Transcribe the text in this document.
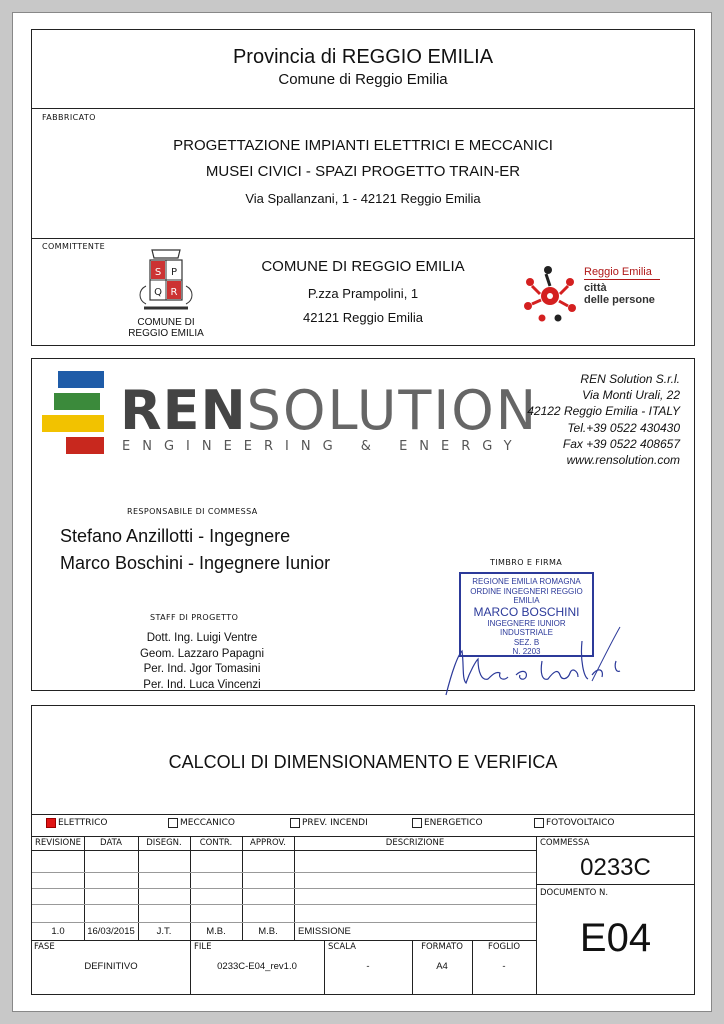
Provincia di REGGIO EMILIA
Comune di Reggio Emilia
FABBRICATO
PROGETTAZIONE IMPIANTI ELETTRICI E MECCANICI
MUSEI CIVICI - SPAZI PROGETTO TRAIN-ER
Via Spallanzani, 1 - 42121 Reggio Emilia
COMMITTENTE
S P
Q R
COMUNE DI
REGGIO EMILIA
COMUNE DI REGGIO EMILIA
P.zza Prampolini, 1
42121 Reggio Emilia
Reggio Emilia
città
delle persone
RENSOLUTION
ENGINEERING & ENERGY
REN Solution S.r.l.
Via Monti Urali, 22
42122 Reggio Emilia - ITALY
Tel.+39 0522 430430
Fax +39 0522 408657
www.rensolution.com
RESPONSABILE DI COMMESSA
Stefano Anzillotti - Ingegnere
Marco Boschini - Ingegnere Iunior
STAFF DI PROGETTO
Dott. Ing. Luigi Ventre
Geom. Lazzaro Papagni
Per. Ind. Jgor Tomasini
Per. Ind. Luca Vincenzi
TIMBRO E FIRMA
REGIONE EMILIA ROMAGNA
ORDINE INGEGNERI REGGIO EMILIA
MARCO BOSCHINI
INGEGNERE IUNIOR
INDUSTRIALE
SEZ. B
N. 2203
CALCOLI DI DIMENSIONAMENTO E VERIFICA
ELETTRICO	MECCANICO	PREV. INCENDI	ENERGETICO	FOTOVOLTAICO
REVISIONE	DATA	DISEGN.	CONTR.	APPROV.	DESCRIZIONE
1.0	16/03/2015	J.T.	M.B.	M.B.	EMISSIONE
FASE	FILE	SCALA	FORMATO	FOGLIO
DEFINITIVO	0233C-E04_rev1.0	-	A4	-
COMMESSA
0233C
DOCUMENTO N.
E04
